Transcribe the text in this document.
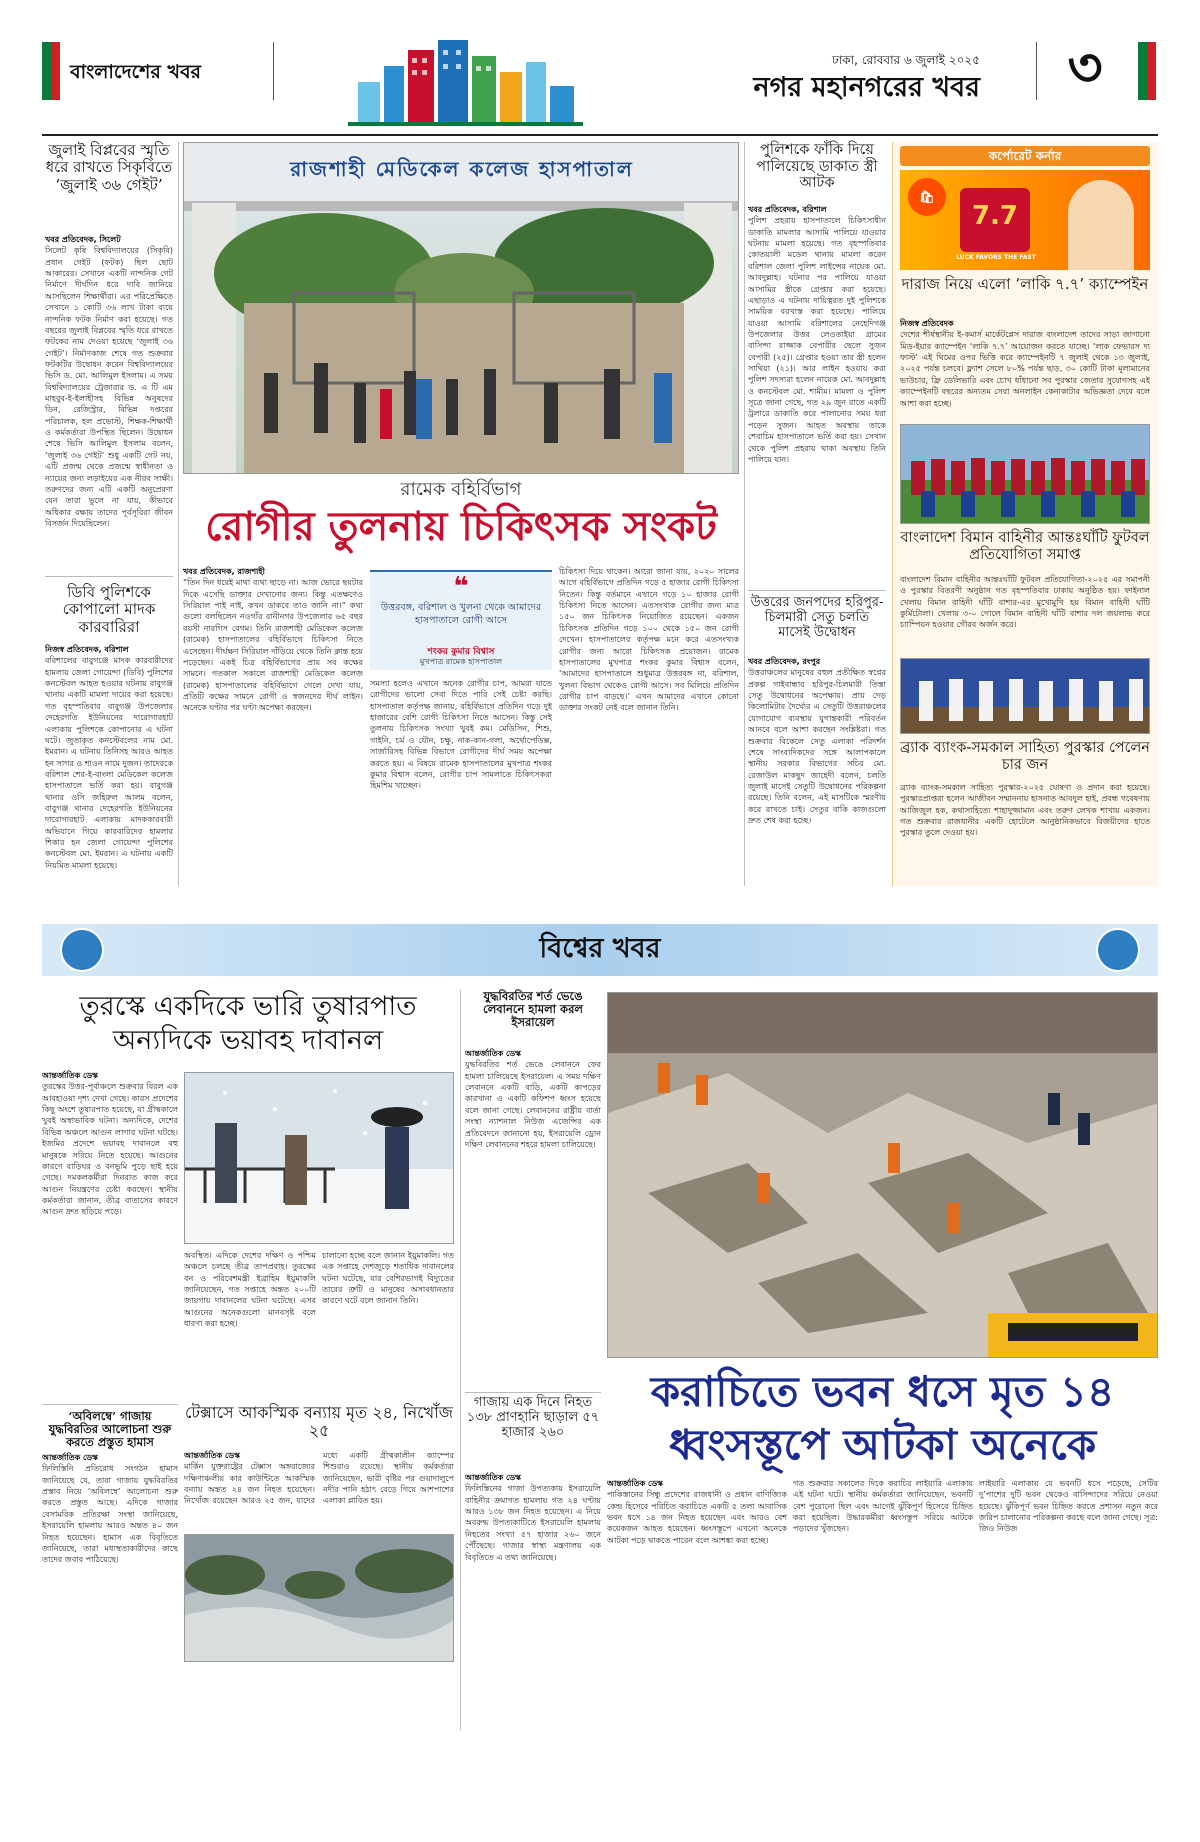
বাংলাদেশের খবর
ঢাকা, রোববার ৬ জুলাই ২০২৫
নগর মহানগরের খবর	৩
জুলাই বিপ্লবের স্মৃতি ধরে রাখতে সিকৃবিতে ‘জুলাই ৩৬ গেইট’
খবর প্রতিবেদক, সিলেট
সিলেট কৃষি বিশ্ববিদ্যালয়ের (সিকৃবি) প্রধান গেইট (ফটক) ছিল ছোট আকারের। সেখানে একটি নান্দনিক গেট নির্মাণে দীর্ঘদিন ধরে দাবি জানিয়ে আসছিলেন শিক্ষার্থীরা। এর পরিপ্রেক্ষিতে সেখানে ১ কোটি ৩৬ লাখ টাকা ব্যয়ে নান্দনিক ফটক নির্মাণ করা হয়েছে। গত বছরের জুলাই বিপ্লবের স্মৃতি ধরে রাখতে ফটকের নাম দেওয়া হয়েছে ‘জুলাই ৩৬ গেইট’। নির্মাণকাজ শেষে গত শুক্রবার ফটকটির উদ্বোধন করেন বিশ্ববিদ্যালয়ের ভিসি ড. মো. আলিমুল ইসলাম। এ সময় বিশ্ববিদ্যালয়ের ট্রেজারার ড. এ টি এম মাহবুব-ই-ইলাহীসহ বিভিন্ন অনুষদের ডিন, রেজিস্ট্রার, বিভিন্ন দপ্তরের পরিচালক, হল প্রভোস্ট, শিক্ষক-শিক্ষার্থী ও কর্মকর্তারা উপস্থিত ছিলেন। উদ্বোধন শেষে ভিসি আলিমুল ইসলাম বলেন, ‘জুলাই ৩৬ গেইট’ শুধু একটি গেট নয়, এটি প্রজন্ম থেকে প্রজন্মে স্বাধীনতা ও ন্যায়ের জন্য লড়াইয়ের এক নীরব সাক্ষী। তরুণদের জন্য এটি একটি অনুপ্রেরণা যেন তারা ভুলে না যায়, কীভাবে অধিকার রক্ষায় তাদের পূর্বসূরিরা জীবন বিসর্জন দিয়েছিলেন।
ডিবি পুলিশকে কোপালো মাদক কারবারিরা
নিজস্ব প্রতিবেদক, বরিশাল
বরিশালের বাবুগঞ্জে মাদক কারবারীদের হামলায় জেলা গোয়েন্দা (ডিবি) পুলিশের কনস্টেবল আহত হওয়ার ঘটনায় বাবুগঞ্জ থানায় একটি মামলা দায়ের করা হয়েছে। গত বৃহস্পতিবার বাবুগঞ্জ উপজেলার দেহেরগতি ইউনিয়নের দারোগারহাট এলাকায় পুলিশকে কোপানোর এ ঘটনা ঘটে। জুতাকৃত কনস্টেবলের নাম মো. ইমরান। এ ঘটনায় তিনিসহ আরও আহত হন সাগর ও শাওন নামে দুজন। তাদেরকে বরিশাল শের-ই-বাংলা মেডিকেল কলেজ হাসপাতালে ভর্তি করা হয়। বাবুগঞ্জ থানার ওসি জহিরুল আলম বলেন, বাবুগঞ্জ থানার দেহেরগতি ইউনিয়নের দারোগারহাট এলাকায় মাদককারবারী অভিযানে গিয়ে কারবারিদের হামলার শিকার হন জেলা গোয়েন্দা পুলিশের কনস্টেবল মো. ইমরান। এ ঘটনায় একটি নিয়মিত মামলা হয়েছে।
রাজশাহী মেডিকেল কলেজ হাসপাতাল
রামেক বহির্বিভাগ
রোগীর তুলনায় চিকিৎসক সংকট
খবর প্রতিবেদক, রাজশাহী
“তিন দিন ধরেই মাথা ব্যথা ছাড়ে না। আজ ভোরে ছয়টার দিকে এসেছি ডাক্তার দেখানোর জন্য। কিন্তু এতক্ষণেও সিরিয়াল পাই নাই, কখন ডাকবে তাও জানি না।” কথা গুলো বলছিলেন নওগাঁর রানীনগর উপজেলার ৬৫ বছর বয়সী নারগিস বেগম। তিনি রাজশাহী মেডিকেল কলেজ (রামেক) হাসপাতালের বহির্বিভাগে চিকিৎসা নিতে এসেছেন। দীর্ঘক্ষণ সিরিয়াল দাঁড়িয়ে থেকে তিনি ক্লান্ত হয়ে পড়েছেন। একই চিত্র বহির্বিভাগের প্রায় সব কক্ষের সামনে। গতকাল সকালে রাজশাহী মেডিকেল কলেজ (রামেক) হাসপাতালের বহির্বিভাগে গেলে দেখা যায়, প্রতিটি কক্ষের সামনে রোগী ও স্বজনদের দীর্ঘ লাইন। অনেকে ঘণ্টার পর ঘণ্টা অপেক্ষা করছেন।
❝
উত্তরবঙ্গ, বরিশাল ও খুলনা থেকে আমাদের হাসপাতালে রোগী আসে
শংকর কুমার বিশ্বাস
মুখপাত্র রামেক হাসপাতাল
সমস্যা হলেও এখানে অনেক রোগীর চাপ, আমরা যাতে রোগীদের ভালো সেবা দিতে পারি সেই চেষ্টা করছি। হাসপাতাল কর্তৃপক্ষ জানায়, বহির্বিভাগে প্রতিদিন গড়ে দুই হাজারের বেশি রোগী চিকিৎসা নিতে আসেন। কিন্তু সেই তুলনায় চিকিৎসক সংখ্যা খুবই কম। মেডিসিন, শিশু, গাইনি, চর্ম ও যৌন, চক্ষু, নাক-কান-গলা, অর্থোপেডিক্স, সার্জারিসহ বিভিন্ন বিভাগে রোগীদের দীর্ঘ সময় অপেক্ষা করতে হয়। এ বিষয়ে রামেক হাসপাতালের মুখপাত্র শংকর কুমার বিশ্বাস বলেন, রোগীর চাপ সামলাতে চিকিৎসকরা হিমশিম খাচ্ছেন।
চিকিৎসা দিয়ে থাকেন। আরো জানা যায়, ২০২০ সালের আগে বহির্বিভাগে প্রতিদিন গড়ে ৫ হাজার রোগী চিকিৎসা নিতেন। কিন্তু বর্তমানে এখানে গড়ে ১০ হাজার রোগী চিকিৎসা নিতে আসেন। এতসংখ্যক রোগীর জন্য মাত্র ১৫০ জন চিকিৎসক নিয়োজিত রয়েছেন। একজন চিকিৎসক প্রতিদিন গড়ে ১০০ থেকে ১৫০ জন রোগী দেখেন। হাসপাতালের কর্তৃপক্ষ মনে করে এতসংখ্যক রোগীর জন্য আরো চিকিৎসক প্রয়োজন। রামেক হাসপাতালের মুখপাত্র শংকর কুমার বিশ্বাস বলেন, ‘আমাদের হাসপাতালে শুধুমাত্র উত্তরবঙ্গ না, বরিশাল, খুলনা বিভাগ থেকেও রোগী আসে। সব মিলিয়ে প্রতিদিন রোগীর চাপ বাড়ছে।’ এখন আমাদের এখানে কোনো ডাক্তার সংকট নেই বলে জানান তিনি।
পুলিশকে ফাঁকি দিয়ে পালিয়েছে ডাকাত স্ত্রী আটক
খবর প্রতিবেদক, বরিশাল
পুলিশ প্রহরায় হাসপাতালে চিকিৎসাধীন ডাকাতি মামলার আসামি পালিয়ে যাওয়ার ঘটনায় মামলা হয়েছে। গত বৃহস্পতিবার কোতয়ালী মডেল থানায় মামলা করেন বরিশাল জেলা পুলিশ লাইন্সের নায়েক মো. আবদুল্লাহ। ঘটনার পর পালিয়ে যাওয়া আসামির স্ত্রীকে গ্রেপ্তার করা হয়েছে। এছাড়াও এ ঘটনায় দায়িত্বরত দুই পুলিশকে সাময়িক বরখাস্ত করা হয়েছে। পালিয়ে যাওয়া আসামি বরিশালের নেহেদিগঞ্জ উপজেলার উত্তর লেওতাইয়া গ্রামের বাসিন্দা রাজ্জাক বেপারীর ছেলে সুজন বেপারী (২৫)। গ্রেপ্তার হওয়া তার স্ত্রী হলেন সাথিয়া (২১)। আর লাইন হওয়ায় করা পুলিশ সদস্যরা হলেন নায়েক মো. আবদুল্লাহ ও কনস্টেবল মো. শামীম। মামলা ও পুলিশ সূত্রে জানা গেছে, গত ২৯ জুন রাতে একটি ট্রলারে ডাকাতি করে পালানোর সময় ধরা পড়েন সুজন। আহত অবস্থায় তাকে শেবাচিম হাসপাতালে ভর্তি করা হয়। সেখান থেকে পুলিশ প্রহরায় থাকা অবস্থায় তিনি পালিয়ে যান।
উত্তরের জনপদের হরিপুর-চিলমারী সেতু চলতি মাসেই উদ্বোধন
খবর প্রতিবেদক, রংপুর
উত্তরাঞ্চলের মানুষের বহুল প্রতীক্ষিত স্বপ্নের প্রকল্প গাইবান্ধার হরিপুর-চিলমারী তিস্তা সেতু উদ্বোধনের অপেক্ষায়। প্রায় দেড় কিলোমিটার দৈর্ঘ্যের এ সেতুটি উত্তরাঞ্চলের যোগাযোগ ব্যবস্থায় যুগান্তকারী পরিবর্তন আনবে বলে আশা করছেন সংশ্লিষ্টরা। গত শুক্রবার বিকেলে সেতু এলাকা পরিদর্শন শেষে সাংবাদিকদের সঙ্গে আলাপকালে স্থানীয় সরকার বিভাগের সচিব মো. রেজাউল মাকছুদ জাহেদী বলেন, চলতি জুলাই মাসেই সেতুটি উদ্বোধনের পরিকল্পনা রয়েছে। তিনি বলেন, এই মাসটিকে স্মরণীয় করে রাখতে চাই। সেতুর বাকি কাজগুলো দ্রুত শেষ করা হচ্ছে।
কর্পোরেট কর্নার
🛍
7.7
LUCK FAVORS THE FAST
দারাজ নিয়ে এলো ‘লাকি ৭.৭’ ক্যাম্পেইন
নিজস্ব প্রতিবেদক
দেশের শীর্ষস্থানীয় ই-কমার্স মার্কেটপ্লেস দারাজ বাংলাদেশ তাদের সাড়া জাগানো মিড-ইয়ার ক্যাম্পেইন ‘লাকি ৭.৭’ আয়োজন করতে যাচ্ছে। ‘লাক ফেভারস দ্য ফাস্ট’ এই থিমের ওপর ভিত্তি করে ক্যাম্পেইনটি ৭ জুলাই থেকে ১৩ জুলাই, ২০২৫ পর্যন্ত চলবে। ফ্ল্যাশ সেলে ৮০% পর্যন্ত ছাড়, ৩০ কোটি টাকা মূল্যমানের ভাউচার, ফ্রি ডেলিভারি এবং চোখ ধাঁধানো সব পুরস্কার জেতার সুযোগসহ এই ক্যাম্পেইনটি বছরের অন্যতম সেরা অনলাইন কেনাকাটার অভিজ্ঞতা দেবে বলে আশা করা হচ্ছে।
বাংলাদেশ বিমান বাহিনীর আন্তঃঘাঁটি ফুটবল প্রতিযোগিতা সমাপ্ত
বাংলাদেশ বিমান বাহিনীর আন্তঃঘাঁটি ফুটবল প্রতিযোগিতা-২০২৫ এর সমাপনী ও পুরস্কার বিতরণী অনুষ্ঠান গত বৃহস্পতিবার ঢাকায় অনুষ্ঠিত হয়। ফাইনাল খেলায় বিমান বাহিনী ঘাঁটি বাশার-এর মুখোমুখি হয় বিমান বাহিনী ঘাঁটি কুর্মিটোলা। খেলায় ৩-০ গোলে বিমান বাহিনী ঘাঁটি বাশার দল জয়লাভ করে চ্যাম্পিয়ন হওয়ার গৌরব অর্জন করে।
ব্র্যাক ব্যাংক-সমকাল সাহিত্য পুরস্কার পেলেন চার জন
ব্র্যাক ব্যাংক-সমকাল সাহিত্য পুরস্কার-২০২৫ ঘোষণা ও প্রদান করা হয়েছে। পুরস্কারপ্রাপ্তরা হলেন আজীবন সম্মাননায় হাসনাত আবদুল হাই, প্রবন্ধ গবেষণায় আজিজুল হক, কথাসাহিত্যে শাহাদুজ্জামান এবং তরুণ লেখক শাখায় একজন। গত শুক্রবার রাজধানীর একটি হোটেলে আনুষ্ঠানিকভাবে বিজয়ীদের হাতে পুরস্কার তুলে দেওয়া হয়।
বিশ্বের খবর
তুরস্কে একদিকে ভারি তুষারপাত অন্যদিকে ভয়াবহ দাবানল
আন্তর্জাতিক ডেস্ক
তুরস্কের উত্তর-পূর্বাঞ্চলে শুক্রবার বিরল এক আবহাওয়া দৃশ্য দেখা গেছে। কারস প্রদেশের কিছু অংশে তুষারপাত হয়েছে, যা গ্রীষ্মকালে খুবই অস্বাভাবিক ঘটনা। অন্যদিকে, দেশের বিভিন্ন অঞ্চলে আগুন লাগার ঘটনা ঘটছে। ইজমির প্রদেশে ভয়াবহ দাবানলে বহু মানুষকে সরিয়ে নিতে হয়েছে। আগুনের কারণে বাড়িঘর ও বনভূমি পুড়ে ছাই হয়ে গেছে। দমকলকর্মীরা দিনরাত কাজ করে আগুন নিয়ন্ত্রণের চেষ্টা করছেন। স্থানীয় কর্মকর্তারা জানান, তীব্র বাতাসের কারণে আগুন দ্রুত ছড়িয়ে পড়ে।
অবস্থিত। এদিকে দেশের দক্ষিণ ও পশ্চিম অঞ্চলে চলছে তীব্র তাপপ্রবাহ। তুরস্কের বন ও পরিবেশমন্ত্রী ইব্রাহিম ইয়ুমাকলি জানিয়েছেন, গত সপ্তাহে অন্তত ২০০টি জায়গায় দাবানলের ঘটনা ঘটেছে। এসব আগুনের অনেকগুলো মানবসৃষ্ট বলে ধারণা করা হচ্ছে।
চালানো হচ্ছে বলে জানান ইয়ুমাকলি। গত এক সপ্তাহে দেশজুড়ে শতাধিক দাবানলের ঘটনা ঘটেছে, যার বেশিরভাগই বিদ্যুতের তারের ত্রুটি ও মানুষের অসাবধানতার কারণে ঘটে বলে জানান তিনি।
‘অবিলম্বে’ গাজায় যুদ্ধবিরতির আলোচনা শুরু করতে প্রস্তুত হামাস
আন্তর্জাতিক ডেস্ক
ফিলিস্তিনি প্রতিরোধ সংগঠন হামাস জানিয়েছে যে, তারা গাজায় যুদ্ধবিরতির প্রস্তাব নিয়ে ‘অবিলম্বে’ আলোচনা শুরু করতে প্রস্তুত আছে। এদিকে গাজার বেসামরিক প্রতিরক্ষা সংস্থা জানিয়েছে, ইসরায়েলি হামলায় আরও অন্তত ৪০ জন নিহত হয়েছেন। হামাস এক বিবৃতিতে জানিয়েছে, তারা মধ্যস্থতাকারীদের কাছে তাদের জবাব পাঠিয়েছে।
টেক্সাসে আকস্মিক বন্যায় মৃত ২৪, নিখোঁজ ২৫
আন্তর্জাতিক ডেস্ক
মার্কিন যুক্তরাষ্ট্রের টেক্সাস অঙ্গরাজ্যের দক্ষিণাঞ্চলীয় কার কাউন্টিতে আকস্মিক বন্যায় অন্তত ২৪ জন নিহত হয়েছেন। নিখোঁজ রয়েছেন আরও ২৫ জন, যাদের মধ্যে একটি গ্রীষ্মকালীন ক্যাম্পের শিশুরাও রয়েছে। স্থানীয় কর্মকর্তারা জানিয়েছেন, ভারী বৃষ্টির পর গুয়াদালুপে নদীর পানি হঠাৎ বেড়ে গিয়ে আশপাশের এলাকা প্লাবিত হয়।
যুদ্ধবিরতির শর্ত ভেঙে লেবাননে হামলা করল ইসরায়েল
আন্তর্জাতিক ডেস্ক
যুদ্ধবিরতির শর্ত ভেঙে লেবাননে ফের হামলা চালিয়েছে ইসরায়েল। এ সময় দক্ষিণ লেবাননে একটি বাড়ি, একটি কাপড়ের কারখানা ও একটি কফিশপ ধ্বংস হয়েছে বলে জানা গেছে। লেবাননের রাষ্ট্রীয় বার্তা সংস্থা ন্যাশনাল নিউজ এজেন্সির এক প্রতিবেদনে জানানো হয়, ইসরায়েলি ড্রোন দক্ষিণ লেবাননের শহরে হামলা চালিয়েছে।
গাজায় এক দিনে নিহত ১৩৮ প্রাণহানি ছাড়াল ৫৭ হাজার ২৬০
আন্তর্জাতিক ডেস্ক
ফিলিস্তিনের গাজা উপত্যকায় ইসরায়েলি বাহিনীর ক্রমাগত হামলায় গত ২৪ ঘণ্টায় আরও ১৩৮ জন নিহত হয়েছেন। এ নিয়ে অবরুদ্ধ উপত্যকাটিতে ইসরায়েলি হামলায় নিহতের সংখ্যা ৫৭ হাজার ২৬০ জনে পৌঁছেছে। গাজার স্বাস্থ্য মন্ত্রণালয় এক বিবৃতিতে এ তথ্য জানিয়েছে।
করাচিতে ভবন ধসে মৃত ১৪ ধ্বংসস্তূপে আটকা অনেকে
আন্তর্জাতিক ডেস্ক
পাকিস্তানের সিন্ধু প্রদেশের রাজধানী ও প্রধান বাণিজ্যিক কেন্দ্র হিসেবে পরিচিত করাচিতে একটি ৫ তলা আবাসিক ভবন ধসে ১৪ জন নিহত হয়েছেন এবং আরও বেশ কয়েকজন আহত হয়েছেন। ধ্বংসস্তূপে এখনো অনেকে আটকা পড়ে থাকতে পারেন বলে আশঙ্কা করা হচ্ছে।
গত শুক্রবার সকালের দিকে করাচির লাইয়ারি এলাকায় এই ঘটনা ঘটে। স্থানীয় কর্মকর্তারা জানিয়েছেন, ভবনটি বেশ পুরোনো ছিল এবং আগেই ঝুঁকিপূর্ণ হিসেবে চিহ্নিত করা হয়েছিল। উদ্ধারকর্মীরা ধ্বংসস্তূপ সরিয়ে আটকে পড়াদের খুঁজছেন।
লাইয়ারি এলাকায় যে ভবনটি ধসে পড়েছে, সেটির দু’পাশের দুটি ভবন থেকেও বাসিন্দাদের সরিয়ে নেওয়া হয়েছে। ঝুঁকিপূর্ণ ভবন চিহ্নিত করতে প্রশাসন নতুন করে জরিপ চালানোর পরিকল্পনা করছে বলে জানা গেছে। সূত্র: জিও নিউজ
